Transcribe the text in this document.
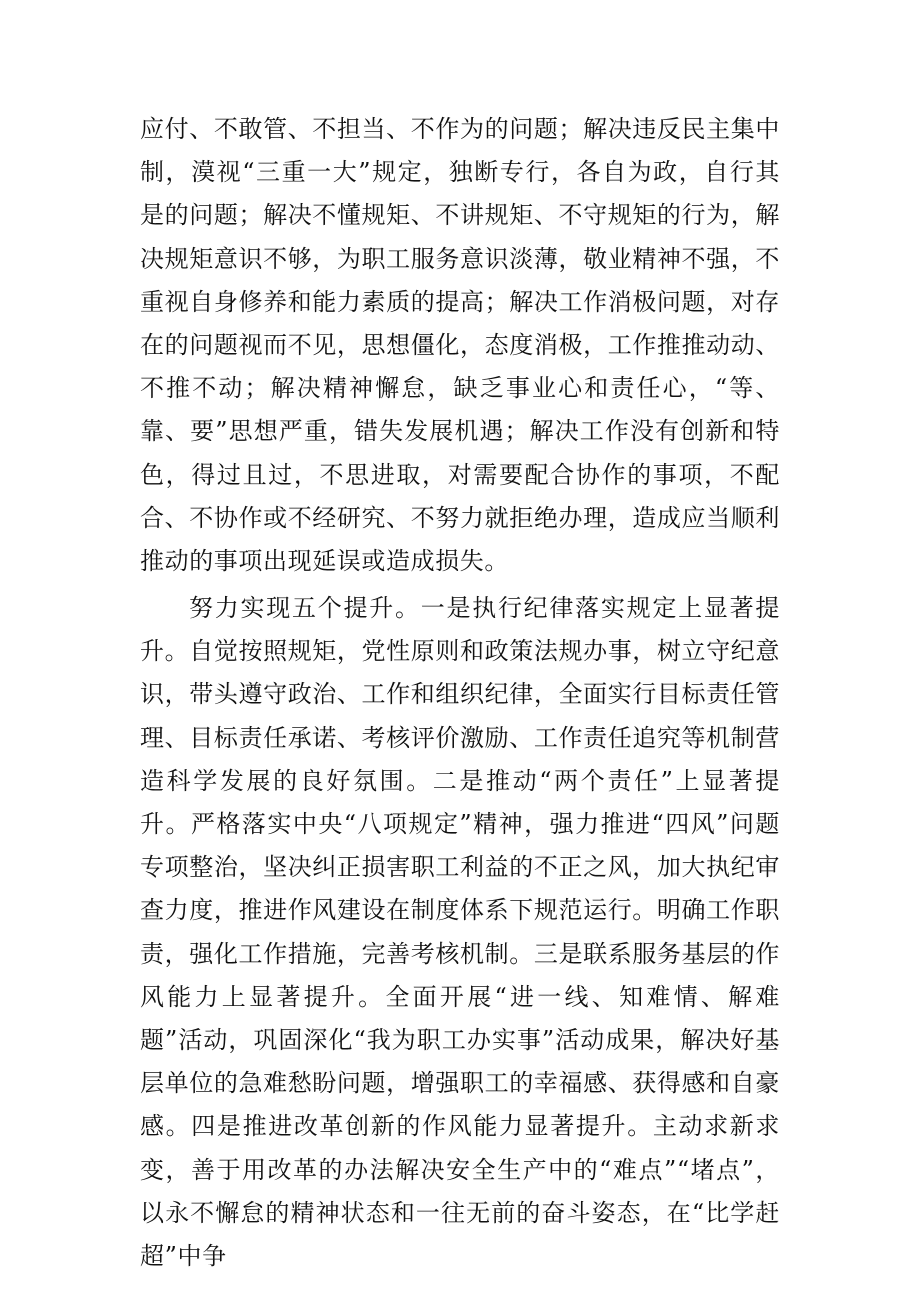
应付、不敢管、不担当、不作为的问题；解决违反民主集中制，漠视“三重一大”规定，独断专行，各自为政，自行其是的问题；解决不懂规矩、不讲规矩、不守规矩的行为，解决规矩意识不够，为职工服务意识淡薄，敬业精神不强，不重视自身修养和能力素质的提高；解决工作消极问题，对存在的问题视而不见，思想僵化，态度消极，工作推推动动、不推不动；解决精神懈怠，缺乏事业心和责任心，“等、靠、要”思想严重，错失发展机遇；解决工作没有创新和特色，得过且过，不思进取，对需要配合协作的事项，不配合、不协作或不经研究、不努力就拒绝办理，造成应当顺利推动的事项出现延误或造成损失。

努力实现五个提升。一是执行纪律落实规定上显著提升。自觉按照规矩，党性原则和政策法规办事，树立守纪意识，带头遵守政治、工作和组织纪律，全面实行目标责任管理、目标责任承诺、考核评价激励、工作责任追究等机制营造科学发展的良好氛围。二是推动“两个责任”上显著提升。严格落实中央“八项规定”精神，强力推进“四风”问题专项整治，坚决纠正损害职工利益的不正之风，加大执纪审查力度，推进作风建设在制度体系下规范运行。明确工作职责，强化工作措施，完善考核机制。三是联系服务基层的作风能力上显著提升。全面开展“进一线、知难情、解难题”活动，巩固深化“我为职工办实事”活动成果，解决好基层单位的急难愁盼问题，增强职工的幸福感、获得感和自豪感。四是推进改革创新的作风能力显著提升。主动求新求变，善于用改革的办法解决安全生产中的“难点”“堵点”，以永不懈怠的精神状态和一往无前的奋斗姿态，在“比学赶超”中争
